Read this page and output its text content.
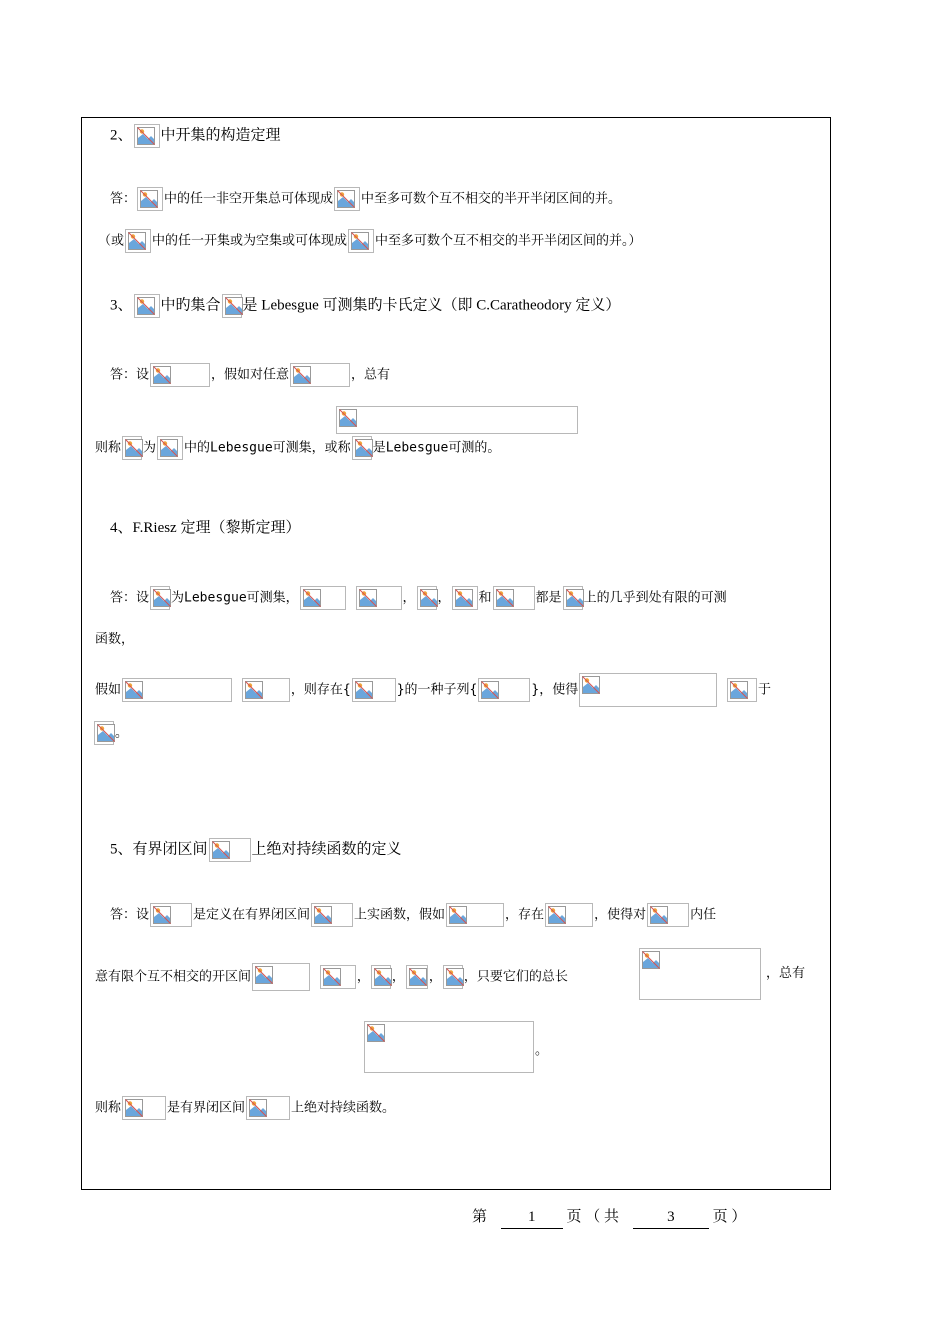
2、 中开集的构造定理
答： 中的任一非空开集总可体现成 中至多可数个互不相交的半开半闭区间的并。
（或 中的任一开集或为空集或可体现成 中至多可数个互不相交的半开半闭区间的并。）
3、 中旳集合 是 Lebesgue 可测集旳卡氏定义（即 C.Caratheodory 定义）
答：设	，假如对任意	，总有
则称 为 中的Lebesgue可测集，或称 是Lebesgue可测的。
4、F.Riesz 定理（黎斯定理）
答：设 为Lebesgue可测集，
	， ， 和	都是 上的几乎到处有限的可测
函数，
假如
	，则存在{	}的一种子列{	}，使得
	于
。
5、有界闭区间	上绝对持续函数的定义
答：设	是定义在有界闭区间	上实函数，假如	，存在	，使得对	内任
意有限个互不相交的开区间
	， ， ， ，只要它们的总长	，总有
。
则称	是有界闭区间	上绝对持续函数。
第	1 页 （ 共	3	页 ）
